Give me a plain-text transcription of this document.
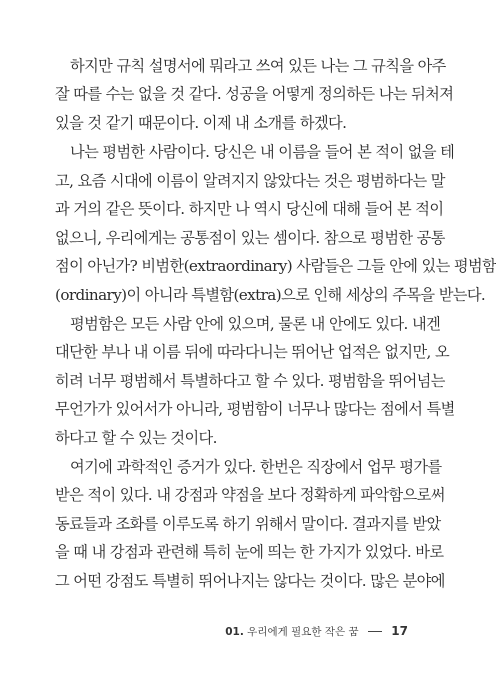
하지만 규칙 설명서에 뭐라고 쓰여 있든 나는 그 규칙을 아주
잘 따를 수는 없을 것 같다. 성공을 어떻게 정의하든 나는 뒤처져
있을 것 같기 때문이다. 이제 내 소개를 하겠다.
나는 평범한 사람이다. 당신은 내 이름을 들어 본 적이 없을 테
고, 요즘 시대에 이름이 알려지지 않았다는 것은 평범하다는 말
과 거의 같은 뜻이다. 하지만 나 역시 당신에 대해 들어 본 적이
없으니, 우리에게는 공통점이 있는 셈이다. 참으로 평범한 공통
점이 아닌가? 비범한(extraordinary) 사람들은 그들 안에 있는 평범함
(ordinary)이 아니라 특별함(extra)으로 인해 세상의 주목을 받는다.
평범함은 모든 사람 안에 있으며, 물론 내 안에도 있다. 내겐
대단한 부나 내 이름 뒤에 따라다니는 뛰어난 업적은 없지만, 오
히려 너무 평범해서 특별하다고 할 수 있다. 평범함을 뛰어넘는
무언가가 있어서가 아니라, 평범함이 너무나 많다는 점에서 특별
하다고 할 수 있는 것이다.
여기에 과학적인 증거가 있다. 한번은 직장에서 업무 평가를
받은 적이 있다. 내 강점과 약점을 보다 정확하게 파악함으로써
동료들과 조화를 이루도록 하기 위해서 말이다. 결과지를 받았
을 때 내 강점과 관련해 특히 눈에 띄는 한 가지가 있었다. 바로
그 어떤 강점도 특별히 뛰어나지는 않다는 것이다. 많은 분야에
01. 우리에게 필요한 작은 꿈	17
